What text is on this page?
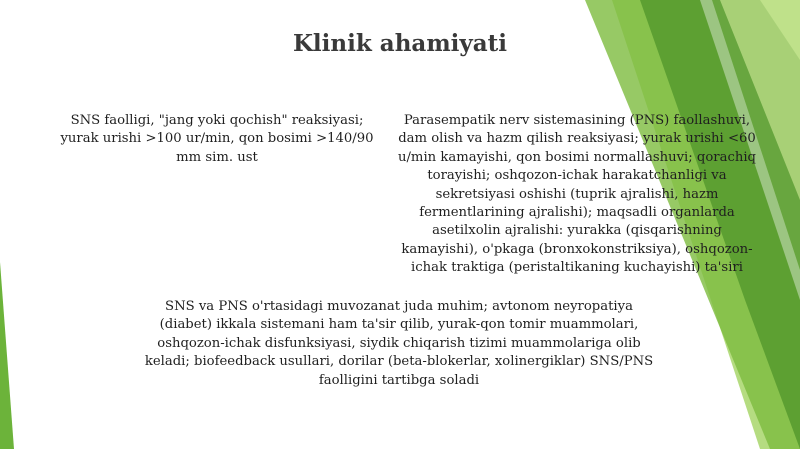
Klinik ahamiyati

SNS faolligi, "jang yoki qochish" reaksiyasi; yurak urishi >100 ur/min, qon bosimi >140/90 mm sim. ust

Parasempatik nerv sistemasining (PNS) faollashuvi, dam olish va hazm qilish reaksiyasi; yurak urishi <60 u/min kamayishi, qon bosimi normallashuvi; qorachiq torayishi; oshqozon-ichak harakatchanligi va sekretsiyasi oshishi (tuprik ajralishi, hazm fermentlarining ajralishi); maqsadli organlarda asetilxolin ajralishi: yurakka (qisqarishning kamayishi), o'pkaga (bronxokonstriksiya), oshqozon-ichak traktiga (peristaltikaning kuchayishi) ta'siri

SNS va PNS o'rtasidagi muvozanat juda muhim; avtonom neyropatiya (diabet) ikkala sistemani ham ta'sir qilib, yurak-qon tomir muammolari, oshqozon-ichak disfunksiyasi, siydik chiqarish tizimi muammolariga olib keladi; biofeedback usullari, dorilar (beta-blokerlar, xolinergiklar) SNS/PNS faolligini tartibga soladi
